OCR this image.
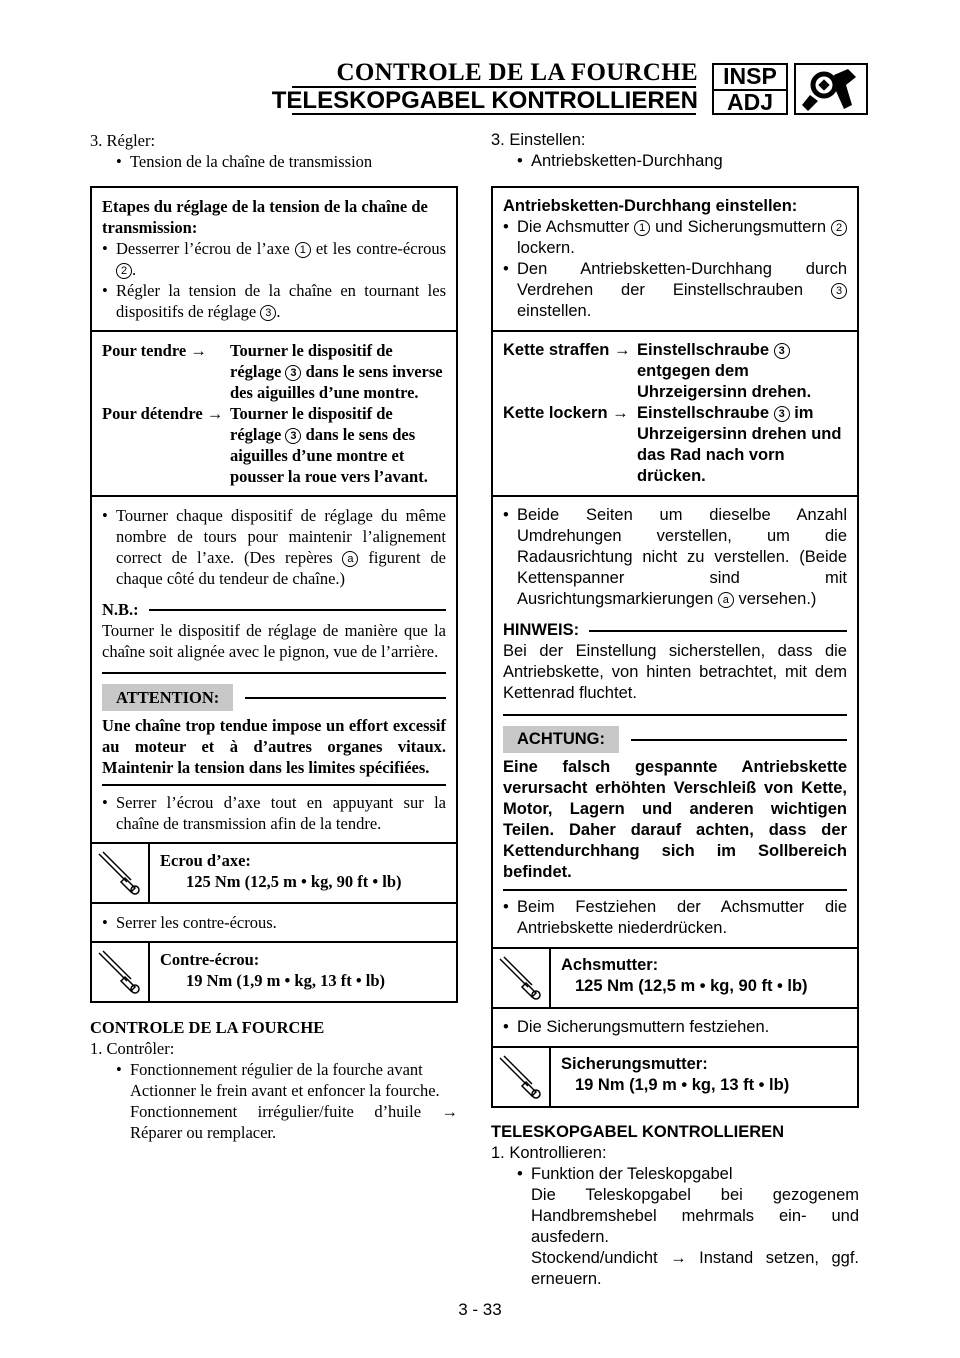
CONTROLE DE LA FOURCHE
TELESKOPGABEL KONTROLLIEREN
INSP
ADJ
3. Régler:
• Tension de la chaîne de transmission
Etapes du réglage de la tension de la chaîne de transmission:
• Desserrer l’écrou de l’axe 1 et les contre-écrous 2 .
• Régler la tension de la chaîne en tournant les dispositifs de réglage 3 .
Pour tendre →	Tourner le dispositif de réglage 3 dans le sens inverse des aiguilles d’une montre.
Pour détendre → Tourner le dispositif de réglage 3 dans le sens des aiguilles d’une montre et pousser la roue vers l’avant.
• Tourner chaque dispositif de réglage du même nombre de tours pour maintenir l’alignement correct de l’axe. (Des repères a figurent de chaque côté du tendeur de chaîne.)
N.B.:
Tourner le dispositif de réglage de manière que la chaîne soit alignée avec le pignon, vue de l’arrière.
ATTENTION:
Une chaîne trop tendue impose un effort excessif au moteur et à d’autres organes vitaux. Maintenir la tension dans les limites spécifiées.
• Serrer l’écrou d’axe tout en appuyant sur la chaîne de transmission afin de la tendre.
Ecrou d’axe:
125 Nm (12,5 m • kg, 90 ft • lb)
• Serrer les contre-écrous.
Contre-écrou:
19 Nm (1,9 m • kg, 13 ft • lb)
CONTROLE DE LA FOURCHE
1. Contrôler:
• Fonctionnement régulier de la fourche avant
Actionner le frein avant et enfoncer la fourche.
Fonctionnement irrégulier/fuite d’huile → Réparer ou remplacer.
3. Einstellen:
• Antriebsketten-Durchhang
Antriebsketten-Durchhang einstellen:
• Die Achsmutter 1 und Sicherungsmuttern 2 lockern.
• Den Antriebsketten-Durchhang durch Verdrehen der Einstellschrauben 3 einstellen.
Kette straffen → Einstellschraube 3 entgegen dem Uhrzeigersinn drehen.
Kette lockern → Einstellschraube 3 im Uhrzeigersinn drehen und das Rad nach vorn drücken.
• Beide Seiten um dieselbe Anzahl Umdrehungen verstellen, um die Radausrichtung nicht zu verstellen. (Beide Kettenspanner sind mit Ausrichtungsmarkierungen a versehen.)
HINWEIS:
Bei der Einstellung sicherstellen, dass die Antriebskette, von hinten betrachtet, mit dem Kettenrad fluchtet.
ACHTUNG:
Eine falsch gespannte Antriebskette verursacht erhöhten Verschleiß von Kette, Motor, Lagern und anderen wichtigen Teilen. Daher darauf achten, dass der Kettendurchhang sich im Sollbereich befindet.
• Beim Festziehen der Achsmutter die Antriebskette niederdrücken.
Achsmutter:
125 Nm (12,5 m • kg, 90 ft • lb)
• Die Sicherungsmuttern festziehen.
Sicherungsmutter:
19 Nm (1,9 m • kg, 13 ft • lb)
TELESKOPGABEL KONTROLLIEREN
1. Kontrollieren:
• Funktion der Teleskopgabel
Die Teleskopgabel bei gezogenem Handbremshebel mehrmals ein- und ausfedern.
Stockend/undicht → Instand setzen, ggf. erneuern.
3 - 33
